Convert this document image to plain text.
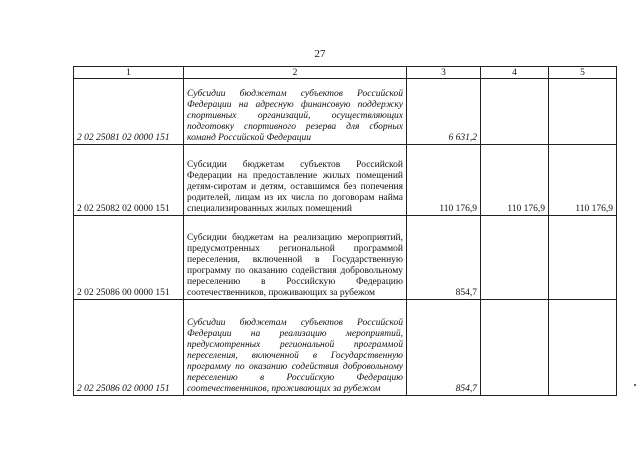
27
1	2	3	4	5
2 02 25081 02 0000 151	Субсидии бюджетам субъектов Российской Федерации на адресную финансовую поддержку спортивных организаций, осуществляющих подготовку спортивного резерва для сборных команд Российской Федерации	6 631,2		
2 02 25082 02 0000 151	Субсидии бюджетам субъектов Российской Федерации на предоставление жилых помещений детям-сиротам и детям, оставшимся без попечения родителей, лицам из их числа по договорам найма специализированных жилых помещений	110 176,9	110 176,9	110 176,9
2 02 25086 00 0000 151	Субсидии бюджетам на реализацию мероприятий, предусмотренных региональной программой переселения, включенной в Государственную программу по оказанию содействия добровольному переселению в Российскую Федерацию соотечественников, проживающих за рубежом	854,7		
2 02 25086 02 0000 151	Субсидии бюджетам субъектов Российской Федерации на реализацию мероприятий, предусмотренных региональной программой переселения, включенной в Государственную программу по оказанию содействия добровольному переселению в Российскую Федерацию соотечественников, проживающих за рубежом	854,7		
